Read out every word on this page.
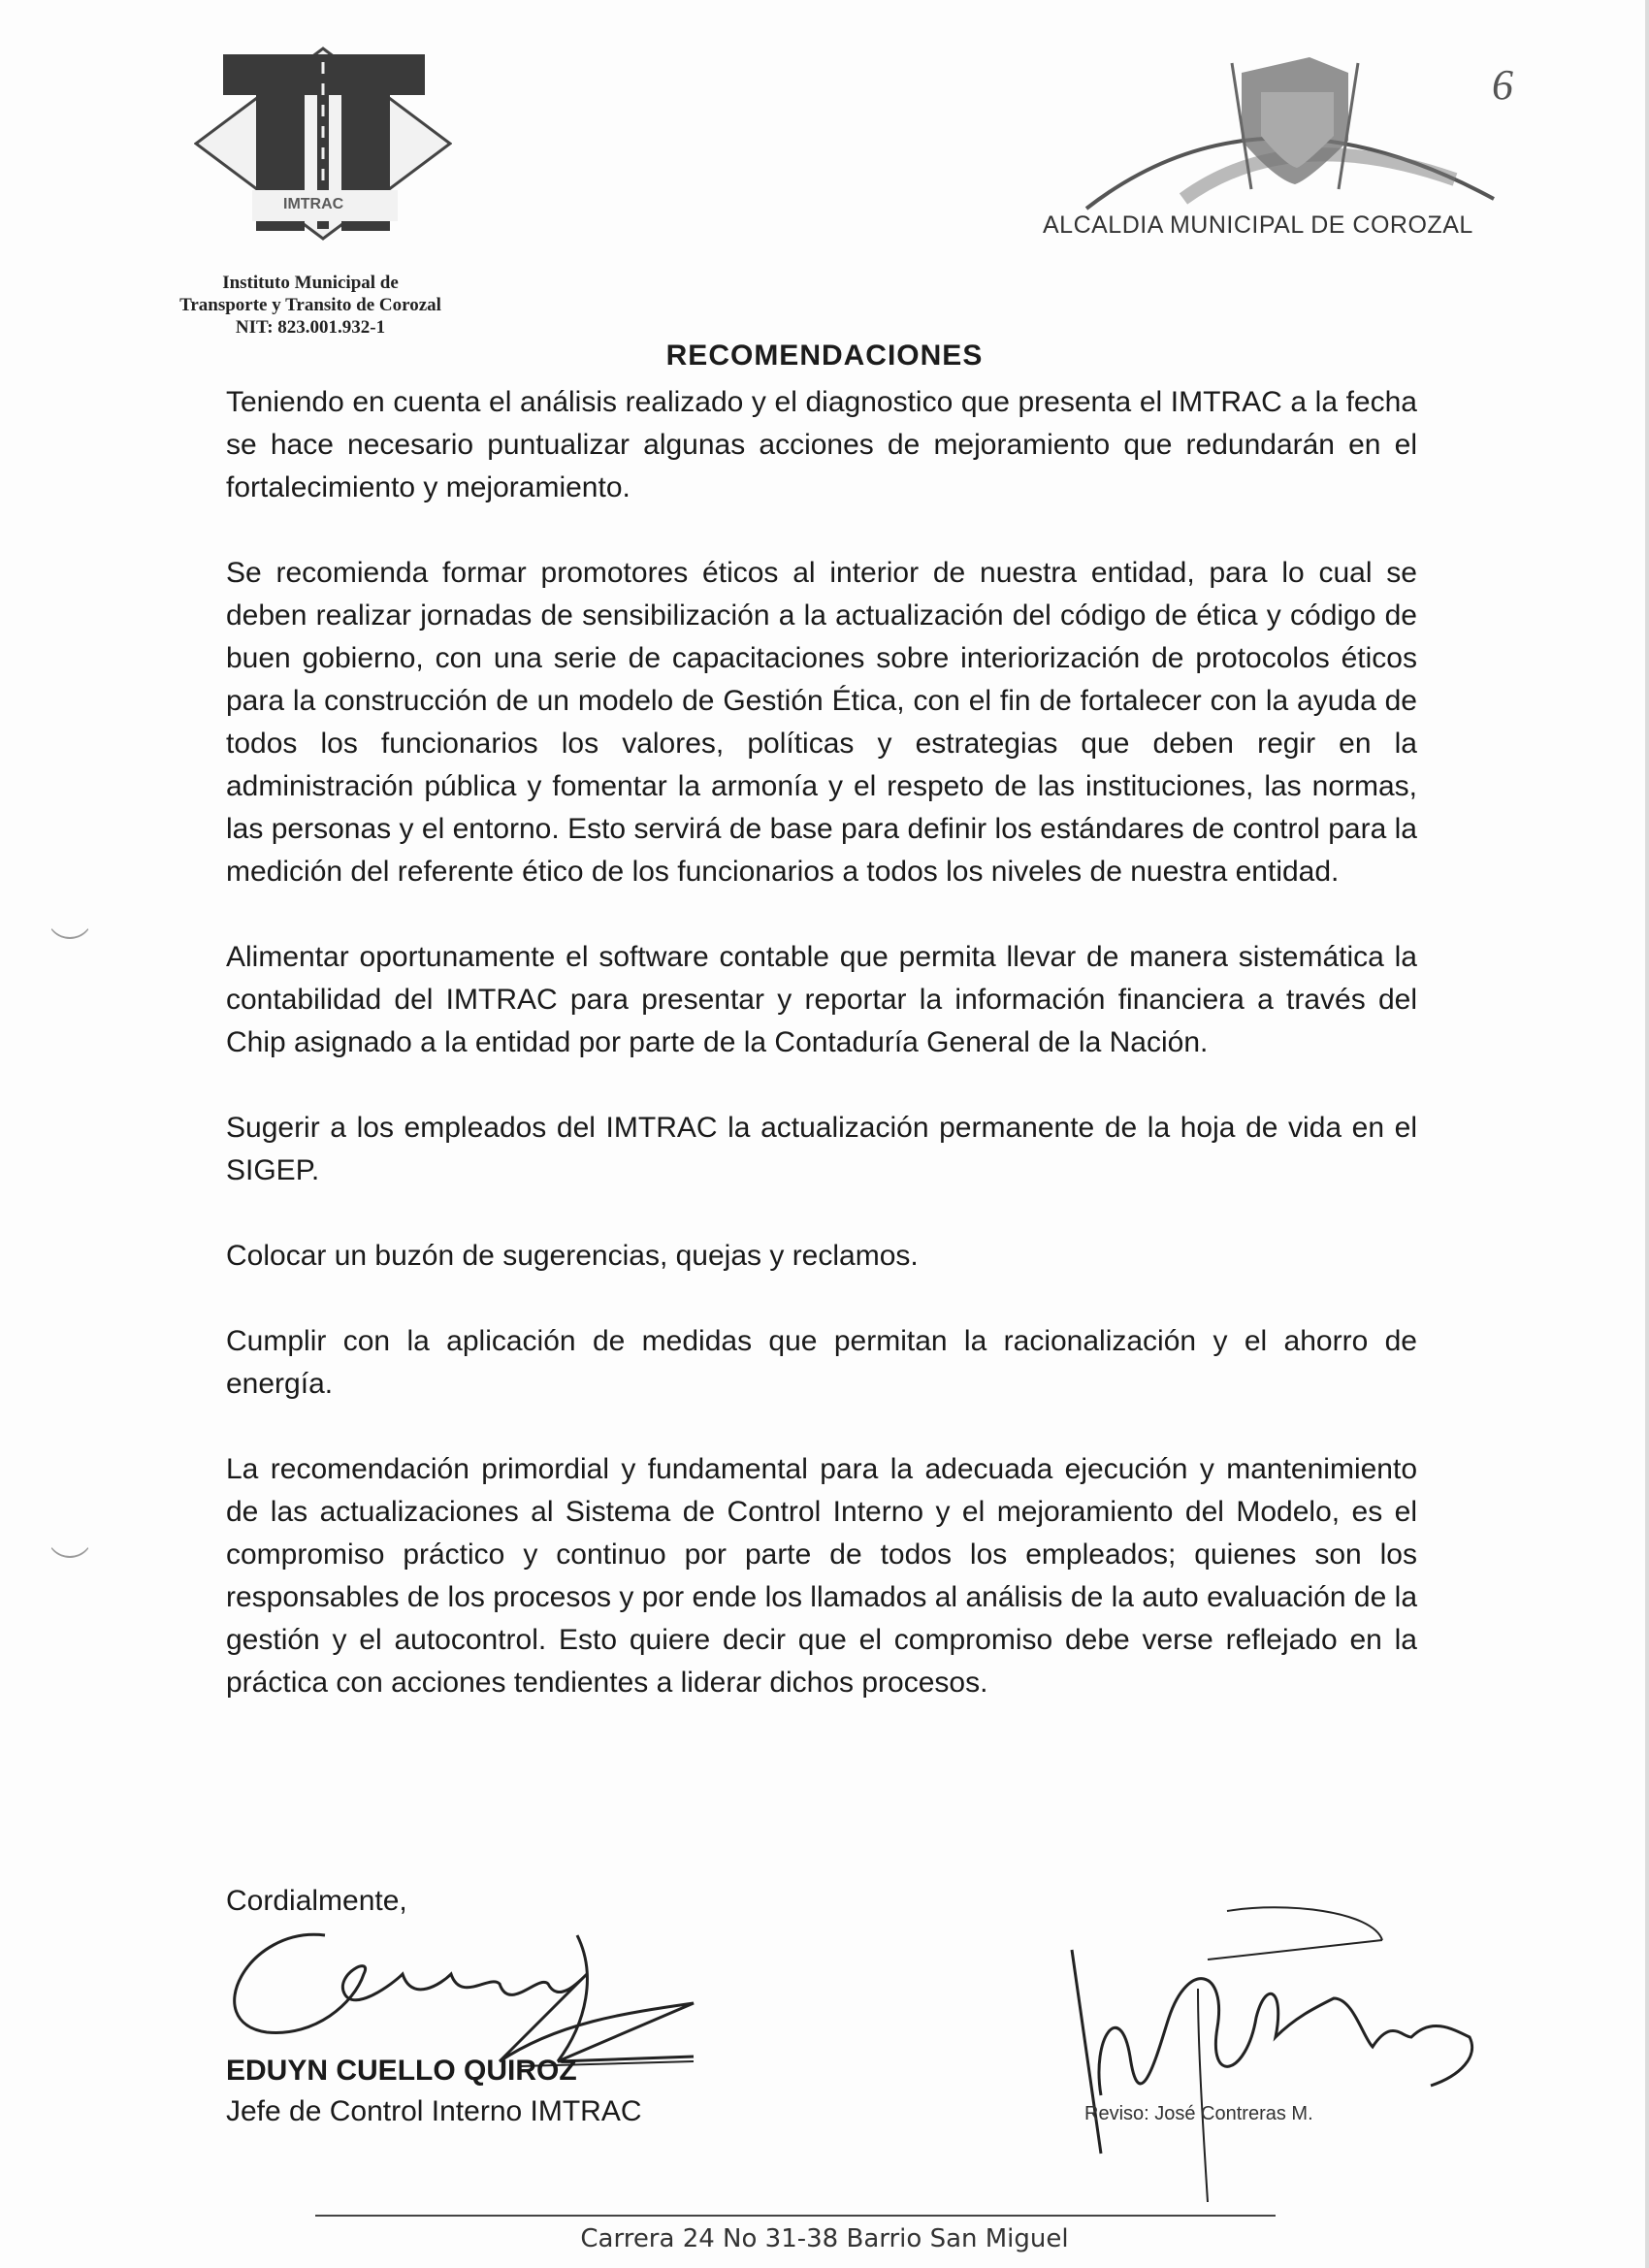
6
IMTRAC
Instituto Municipal de
Transporte y Transito de Corozal
NIT: 823.001.932-1
ALCALDIA MUNICIPAL DE COROZAL
RECOMENDACIONES

Teniendo en cuenta el análisis realizado y el diagnostico que presenta el IMTRAC a la fecha se hace necesario puntualizar algunas acciones de mejoramiento que redundarán en el fortalecimiento y mejoramiento.

Se recomienda formar promotores éticos al interior de nuestra entidad, para lo cual se deben realizar jornadas de sensibilización a la actualización del código de ética y código de buen gobierno, con una serie de capacitaciones sobre interiorización de protocolos éticos para la construcción de un modelo de Gestión Ética, con el fin de fortalecer con la ayuda de todos los funcionarios los valores, políticas y estrategias que deben regir en la administración pública y fomentar la armonía y el respeto de las instituciones, las normas, las personas y el entorno. Esto servirá de base para definir los estándares de control para la medición del referente ético de los funcionarios a todos los niveles de nuestra entidad.

Alimentar oportunamente el software contable que permita llevar de manera sistemática la contabilidad del IMTRAC para presentar y reportar la información financiera a través del Chip asignado a la entidad por parte de la Contaduría General de la Nación.

Sugerir a los empleados del IMTRAC la actualización permanente de la hoja de vida en el SIGEP.

Colocar un buzón de sugerencias, quejas y reclamos.

Cumplir con la aplicación de medidas que permitan la racionalización y el ahorro de energía.

La recomendación primordial y fundamental para la adecuada ejecución y mantenimiento de las actualizaciones al Sistema de Control Interno y el mejoramiento del Modelo, es el compromiso práctico y continuo por parte de todos los empleados; quienes son los responsables de los procesos y por ende los llamados al análisis de la auto evaluación de la gestión y el autocontrol. Esto quiere decir que el compromiso debe verse reflejado en la práctica con acciones tendientes a liderar dichos procesos.

Cordialmente,
EDUYN CUELLO QUIROZ
Jefe de Control Interno IMTRAC	Reviso: José Contreras M.
Carrera 24 No 31-38 Barrio San Miguel
